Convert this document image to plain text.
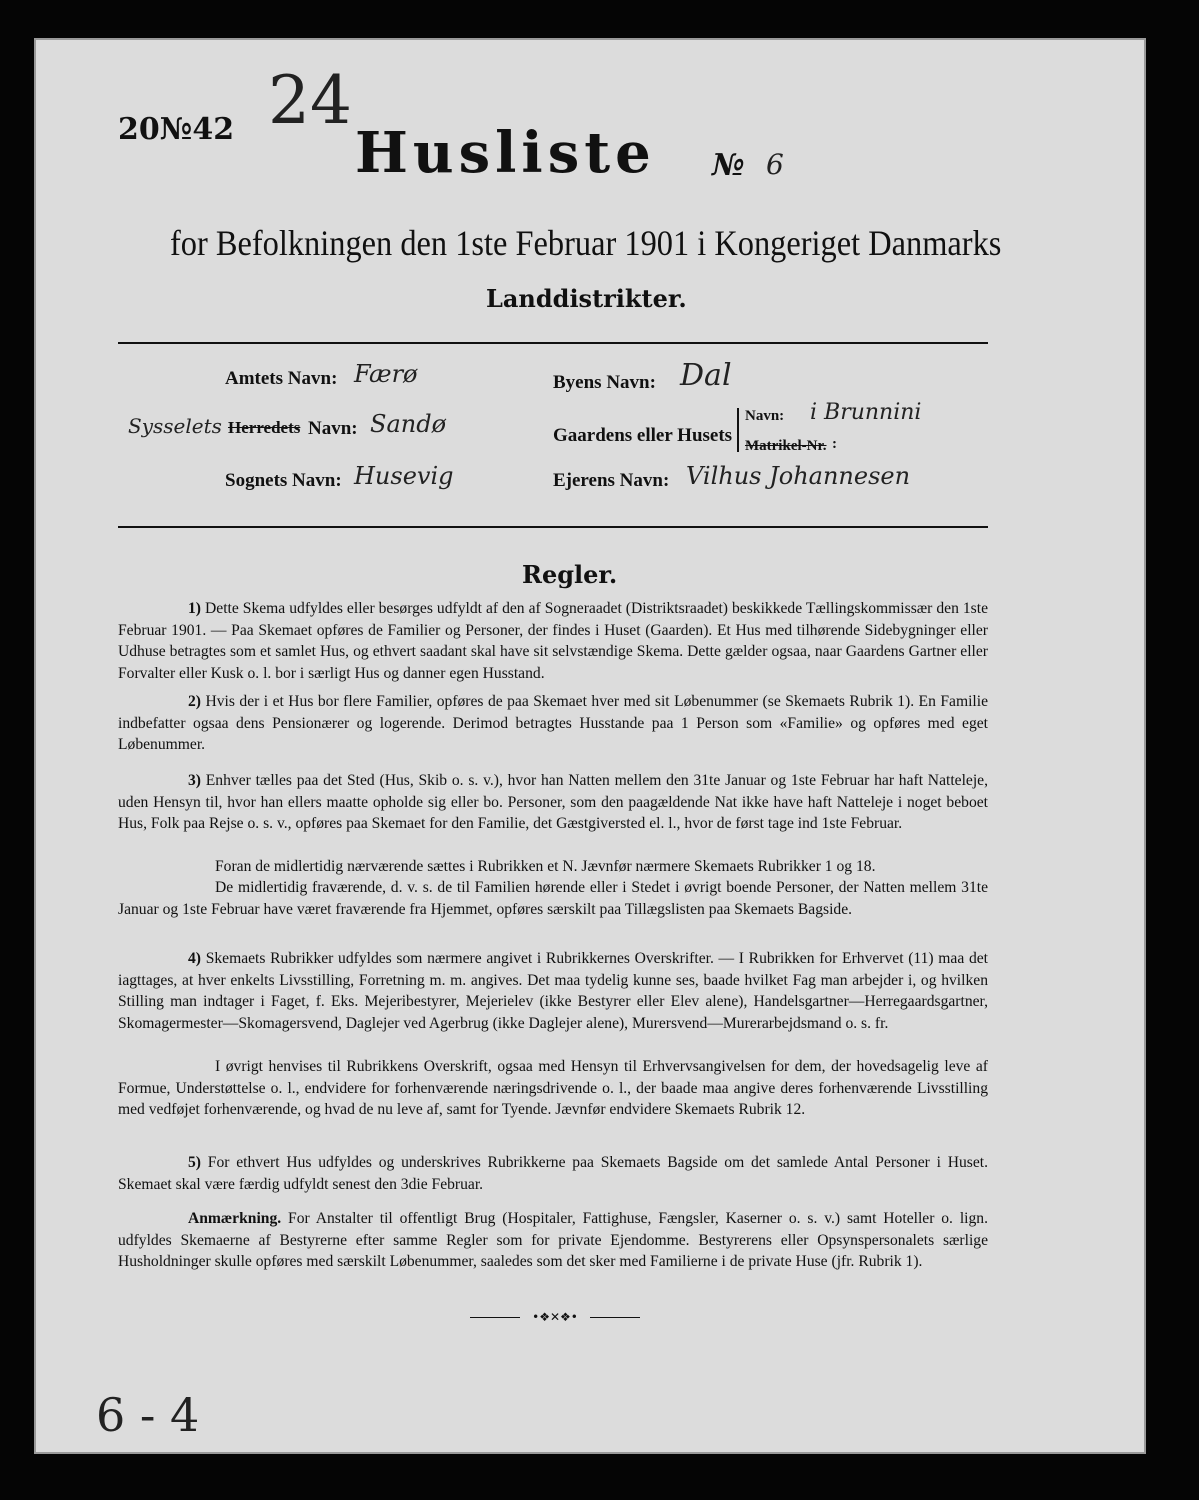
20№42 24
Husliste № 6
for Befolkningen den 1ste Februar 1901 i Kongeriget Danmarks
Landdistrikter.
Amtets Navn: Færø
Sysselets Herredets Navn: Sandø
Sognets Navn: Husevig
Byens Navn: Dal
Gaardens eller Husets
Navn: i Brunnini
Matrikel-Nr. :
Ejerens Navn: Vilhus Johannesen
Regler.

1) Dette Skema udfyldes eller besørges udfyldt af den af Sogneraadet (Distriktsraadet) beskikkede Tællingskommissær den 1ste Februar 1901. — Paa Skemaet opføres de Familier og Personer, der findes i Huset (Gaarden). Et Hus med tilhørende Sidebygninger eller Udhuse betragtes som et samlet Hus, og ethvert saadant skal have sit selvstændige Skema. Dette gælder ogsaa, naar Gaardens Gartner eller Forvalter eller Kusk o. l. bor i særligt Hus og danner egen Husstand.

2) Hvis der i et Hus bor flere Familier, opføres de paa Skemaet hver med sit Løbenummer (se Skemaets Rubrik 1). En Familie indbefatter ogsaa dens Pensionærer og logerende. Derimod betragtes Husstande paa 1 Person som «Familie» og opføres med eget Løbenummer.

3) Enhver tælles paa det Sted (Hus, Skib o. s. v.), hvor han Natten mellem den 31te Januar og 1ste Februar har haft Natteleje, uden Hensyn til, hvor han ellers maatte opholde sig eller bo. Personer, som den paagældende Nat ikke have haft Natteleje i noget beboet Hus, Folk paa Rejse o. s. v., opføres paa Skemaet for den Familie, det Gæstgiversted el. l., hvor de først tage ind 1ste Februar.

Foran de midlertidig nærværende sættes i Rubrikken et N. Jævnfør nærmere Skemaets Rubrikker 1 og 18.

De midlertidig fraværende, d. v. s. de til Familien hørende eller i Stedet i øvrigt boende Personer, der Natten mellem 31te Januar og 1ste Februar have været fraværende fra Hjemmet, opføres særskilt paa Tillægslisten paa Skemaets Bagside.

4) Skemaets Rubrikker udfyldes som nærmere angivet i Rubrikkernes Overskrifter. — I Rubrikken for Erhvervet (11) maa det iagttages, at hver enkelts Livsstilling, Forretning m. m. angives. Det maa tydelig kunne ses, baade hvilket Fag man arbejder i, og hvilken Stilling man indtager i Faget, f. Eks. Mejeribestyrer, Mejerielev (ikke Bestyrer eller Elev alene), Handelsgartner—Herregaardsgartner, Skomagermester—Skomagersvend, Daglejer ved Agerbrug (ikke Daglejer alene), Murersvend—Murerarbejdsmand o. s. fr.

I øvrigt henvises til Rubrikkens Overskrift, ogsaa med Hensyn til Erhvervsangivelsen for dem, der hovedsagelig leve af Formue, Understøttelse o. l., endvidere for forhenværende næringsdrivende o. l., der baade maa angive deres forhenværende Livsstilling med vedføjet forhenværende, og hvad de nu leve af, samt for Tyende. Jævnfør endvidere Skemaets Rubrik 12.

5) For ethvert Hus udfyldes og underskrives Rubrikkerne paa Skemaets Bagside om det samlede Antal Personer i Huset. Skemaet skal være færdig udfyldt senest den 3die Februar.

Anmærkning. For Anstalter til offentligt Brug (Hospitaler, Fattighuse, Fængsler, Kaserner o. s. v.) samt Hoteller o. lign. udfyldes Skemaerne af Bestyrerne efter samme Regler som for private Ejendomme. Bestyrerens eller Opsynspersonalets særlige Husholdninger skulle opføres med særskilt Løbenummer, saaledes som det sker med Familierne i de private Huse (jfr. Rubrik 1).

•❖✕❖•
6 - 4
